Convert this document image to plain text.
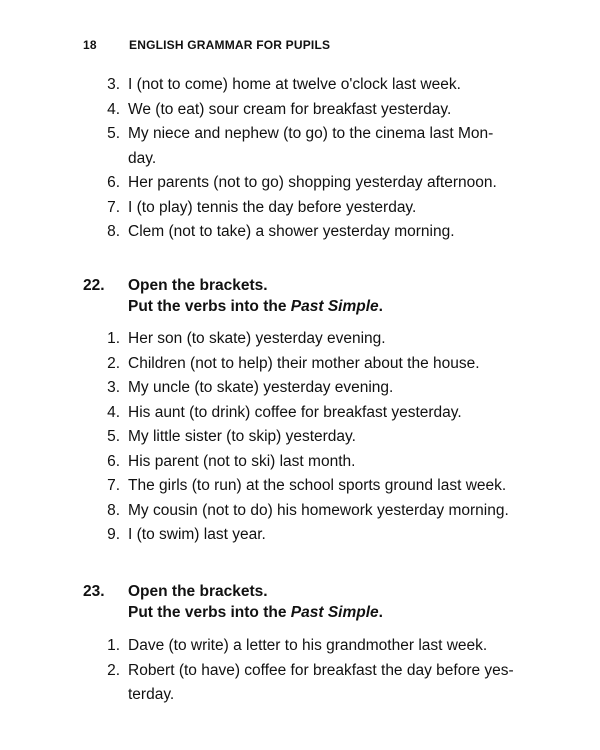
18	ENGLISH GRAMMAR FOR PUPILS
3 . I (not to come) home at twelve o'clock last week.
4 . We (to eat) sour cream for breakfast yesterday.
5 . My niece and nephew (to go) to the cinema last Mon-
day.
6 . Her parents (not to go) shopping yesterday afternoon.
7 . I (to play) tennis the day before yesterday.
8 . Clem (not to take) a shower yesterday morning.
22 . Open the brackets.
Put the verbs into the Past Simple.
1 . Her son (to skate) yesterday evening.
2 . Children (not to help) their mother about the house.
3 . My uncle (to skate) yesterday evening.
4 . His aunt (to drink) coffee for breakfast yesterday.
5 . My little sister (to skip) yesterday.
6 . His parent (not to ski) last month.
7 . The girls (to run) at the school sports ground last week.
8 . My cousin (not to do) his homework yesterday morning.
9 . I (to swim) last year.
23 . Open the brackets.
Put the verbs into the Past Simple.
1 . Dave (to write) a letter to his grandmother last week.
2 . Robert (to have) coffee for breakfast the day before yes-
terday.
